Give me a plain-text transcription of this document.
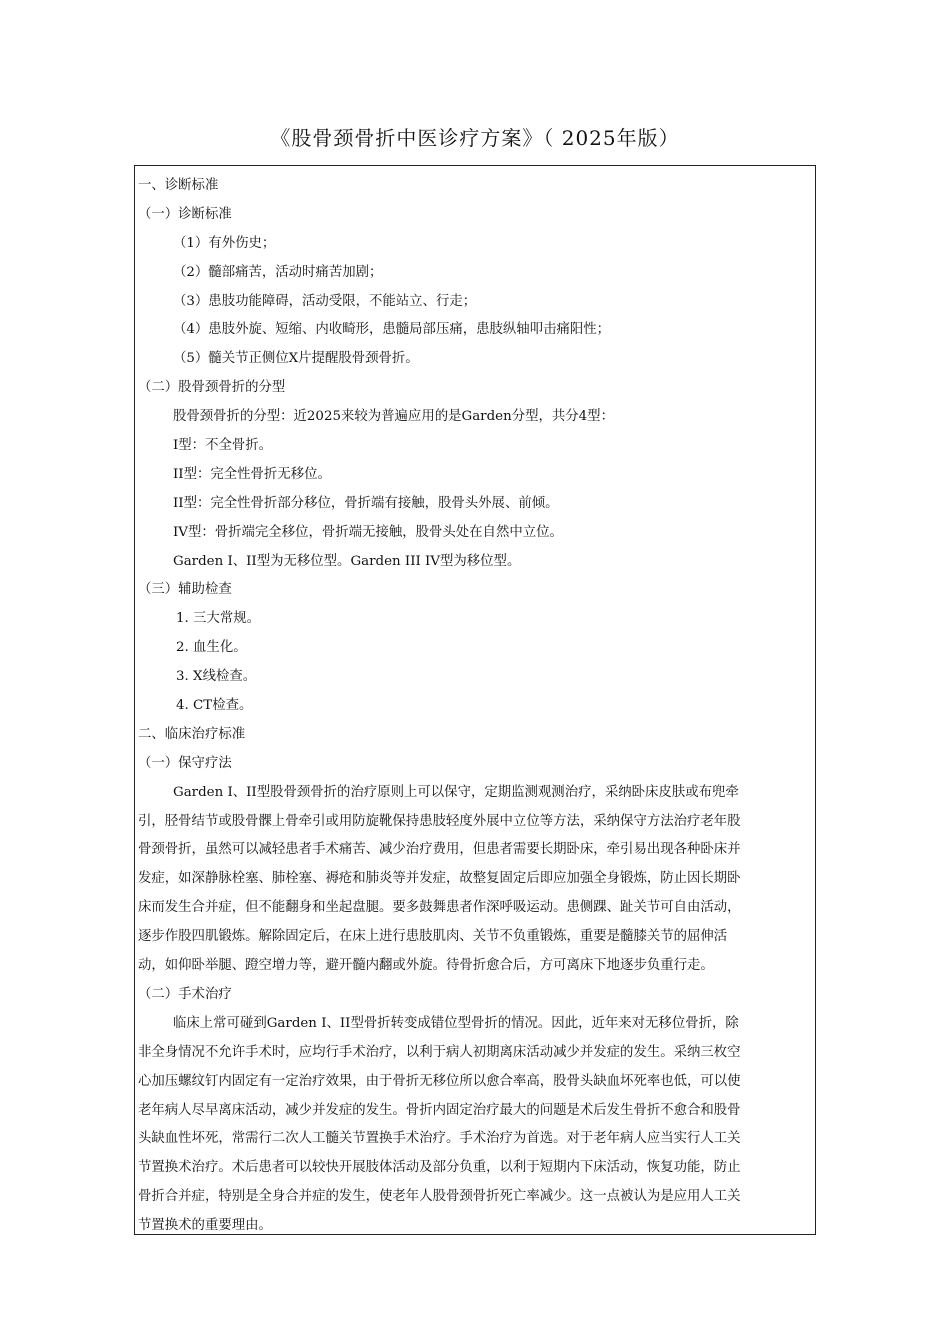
《股骨颈骨折中医诊疗方案》（ 2025年版）
一、诊断标准
（一）诊断标准
（1）有外伤史；
（2）髓部痛苦，活动时痛苦加剧；
（3）患肢功能障碍，活动受限，不能站立、行走；
（4）患肢外旋、短缩、内收畸形，患髓局部压痛，患肢纵轴叩击痛阳性；
（5）髓关节正侧位X片提醒股骨颈骨折。
（二）股骨颈骨折的分型
股骨颈骨折的分型：近2025来较为普遍应用的是Garden分型，共分4型：
I型：不全骨折。
II型：完全性骨折无移位。
II型：完全性骨折部分移位，骨折端有接触，股骨头外展、前倾。
IV型：骨折端完全移位，骨折端无接触，股骨头处在自然中立位。
Garden I、II型为无移位型。Garden III IV型为移位型。
（三）辅助检查
1. 三大常规。
2. 血生化。
3. X线检查。
4. CT检查。
二、临床治疗标准
（一）保守疗法
Garden I、II型股骨颈骨折的治疗原则上可以保守，定期监测观测治疗，采纳卧床皮肤或布兜牵
引，胫骨结节或股骨髁上骨牵引或用防旋靴保持患肢轻度外展中立位等方法，采纳保守方法治疗老年股
骨颈骨折，虽然可以减轻患者手术痛苦、减少治疗费用，但患者需要长期卧床，牵引易出现各种卧床并
发症，如深静脉栓塞、肺栓塞、褥疮和肺炎等并发症，故整复固定后即应加强全身锻炼，防止因长期卧
床而发生合并症，但不能翻身和坐起盘腿。要多鼓舞患者作深呼吸运动。患侧踝、趾关节可自由活动，
逐步作股四肌锻炼。解除固定后，在床上进行患肢肌肉、关节不负重锻炼，重要是髓膝关节的屈伸活
动，如仰卧举腿、蹬空增力等，避开髓内翻或外旋。待骨折愈合后，方可离床下地逐步负重行走。
（二）手术治疗
临床上常可碰到Garden I、II型骨折转变成错位型骨折的情况。因此，近年来对无移位骨折，除
非全身情况不允许手术时，应均行手术治疗，以利于病人初期离床活动减少并发症的发生。采纳三枚空
心加压螺纹钉内固定有一定治疗效果，由于骨折无移位所以愈合率高，股骨头缺血坏死率也低，可以使
老年病人尽早离床活动，减少并发症的发生。骨折内固定治疗最大的问题是术后发生骨折不愈合和股骨
头缺血性坏死，常需行二次人工髓关节置换手术治疗。手术治疗为首选。对于老年病人应当实行人工关
节置换术治疗。术后患者可以较快开展肢体活动及部分负重，以利于短期内下床活动，恢复功能，防止
骨折合并症，特别是全身合并症的发生，使老年人股骨颈骨折死亡率减少。这一点被认为是应用人工关
节置换术的重要理由。
